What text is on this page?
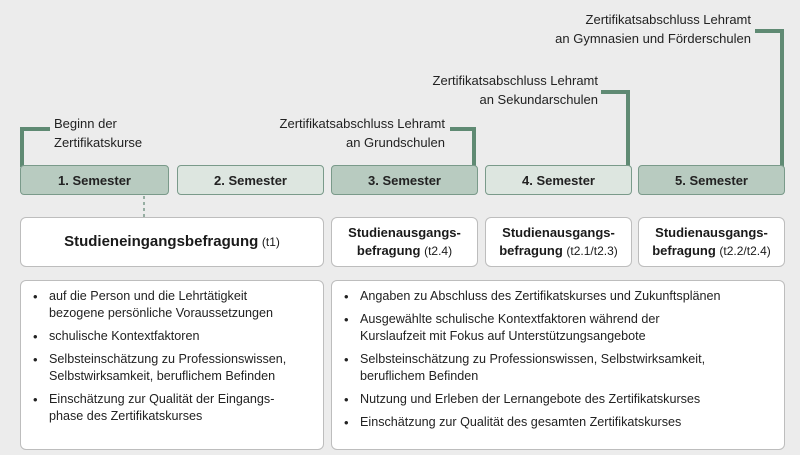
Beginn der
Zertifikatskurse
Zertifikatsabschluss Lehramt
an Grundschulen
Zertifikatsabschluss Lehramt
an Sekundarschulen
Zertifikatsabschluss Lehramt
an Gymnasien und Förderschulen
1. Semester	2. Semester	3. Semester	4. Semester	5. Semester
Studieneingangsbefragung (t1)
Studienausgangs-
befragung (t2.4)
Studienausgangs-
befragung (t2.1/t2.3)
Studienausgangs-
befragung (t2.2/t2.4)
• auf die Person und die Lehrtätigkeit
bezogene persönliche Voraussetzungen
• schulische Kontextfaktoren
• Selbsteinschätzung zu Professionswissen,
Selbstwirksamkeit, beruflichem Befinden
• Einschätzung zur Qualität der Eingangs-
phase des Zertifikatskurses
• Angaben zu Abschluss des Zertifikatskurses und Zukunftsplänen
• Ausgewählte schulische Kontextfaktoren während der
Kurslaufzeit mit Fokus auf Unterstützungsangebote
• Selbsteinschätzung zu Professionswissen, Selbstwirksamkeit,
beruflichem Befinden
• Nutzung und Erleben der Lernangebote des Zertifikatskurses
• Einschätzung zur Qualität des gesamten Zertifikatskurses
